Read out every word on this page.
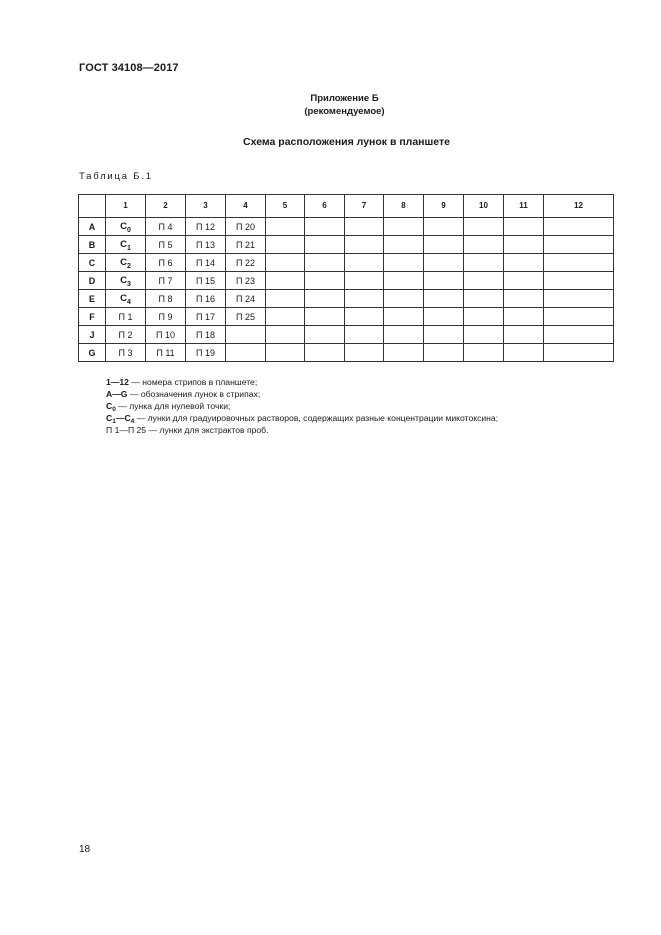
ГОСТ 34108—2017
Приложение Б
(рекомендуемое)
Схема расположения лунок в планшете
Таблица Б.1
	1	2	3	4	5	6	7	8	9	10	11	12
A	$C_0$	П 4	П 12	П 20								
B	$C_1$	П 5	П 13	П 21								
C	$C_2$	П 6	П 14	П 22								
D	$C_3$	П 7	П 15	П 23								
E	$C_4$	П 8	П 16	П 24								
F	П 1	П 9	П 17	П 25								
J	П 2	П 10	П 18									
G	П 3	П 11	П 19									
1—12 — номера стрипов в планшете;
A—G — обозначения лунок в стрипах;
$C_0$ — лунка для нулевой точки;
$C_1—C_4$ — лунки для градуировочных растворов, содержащих разные концентрации микотоксина;
П 1—П 25 — лунки для экстрактов проб.
18
